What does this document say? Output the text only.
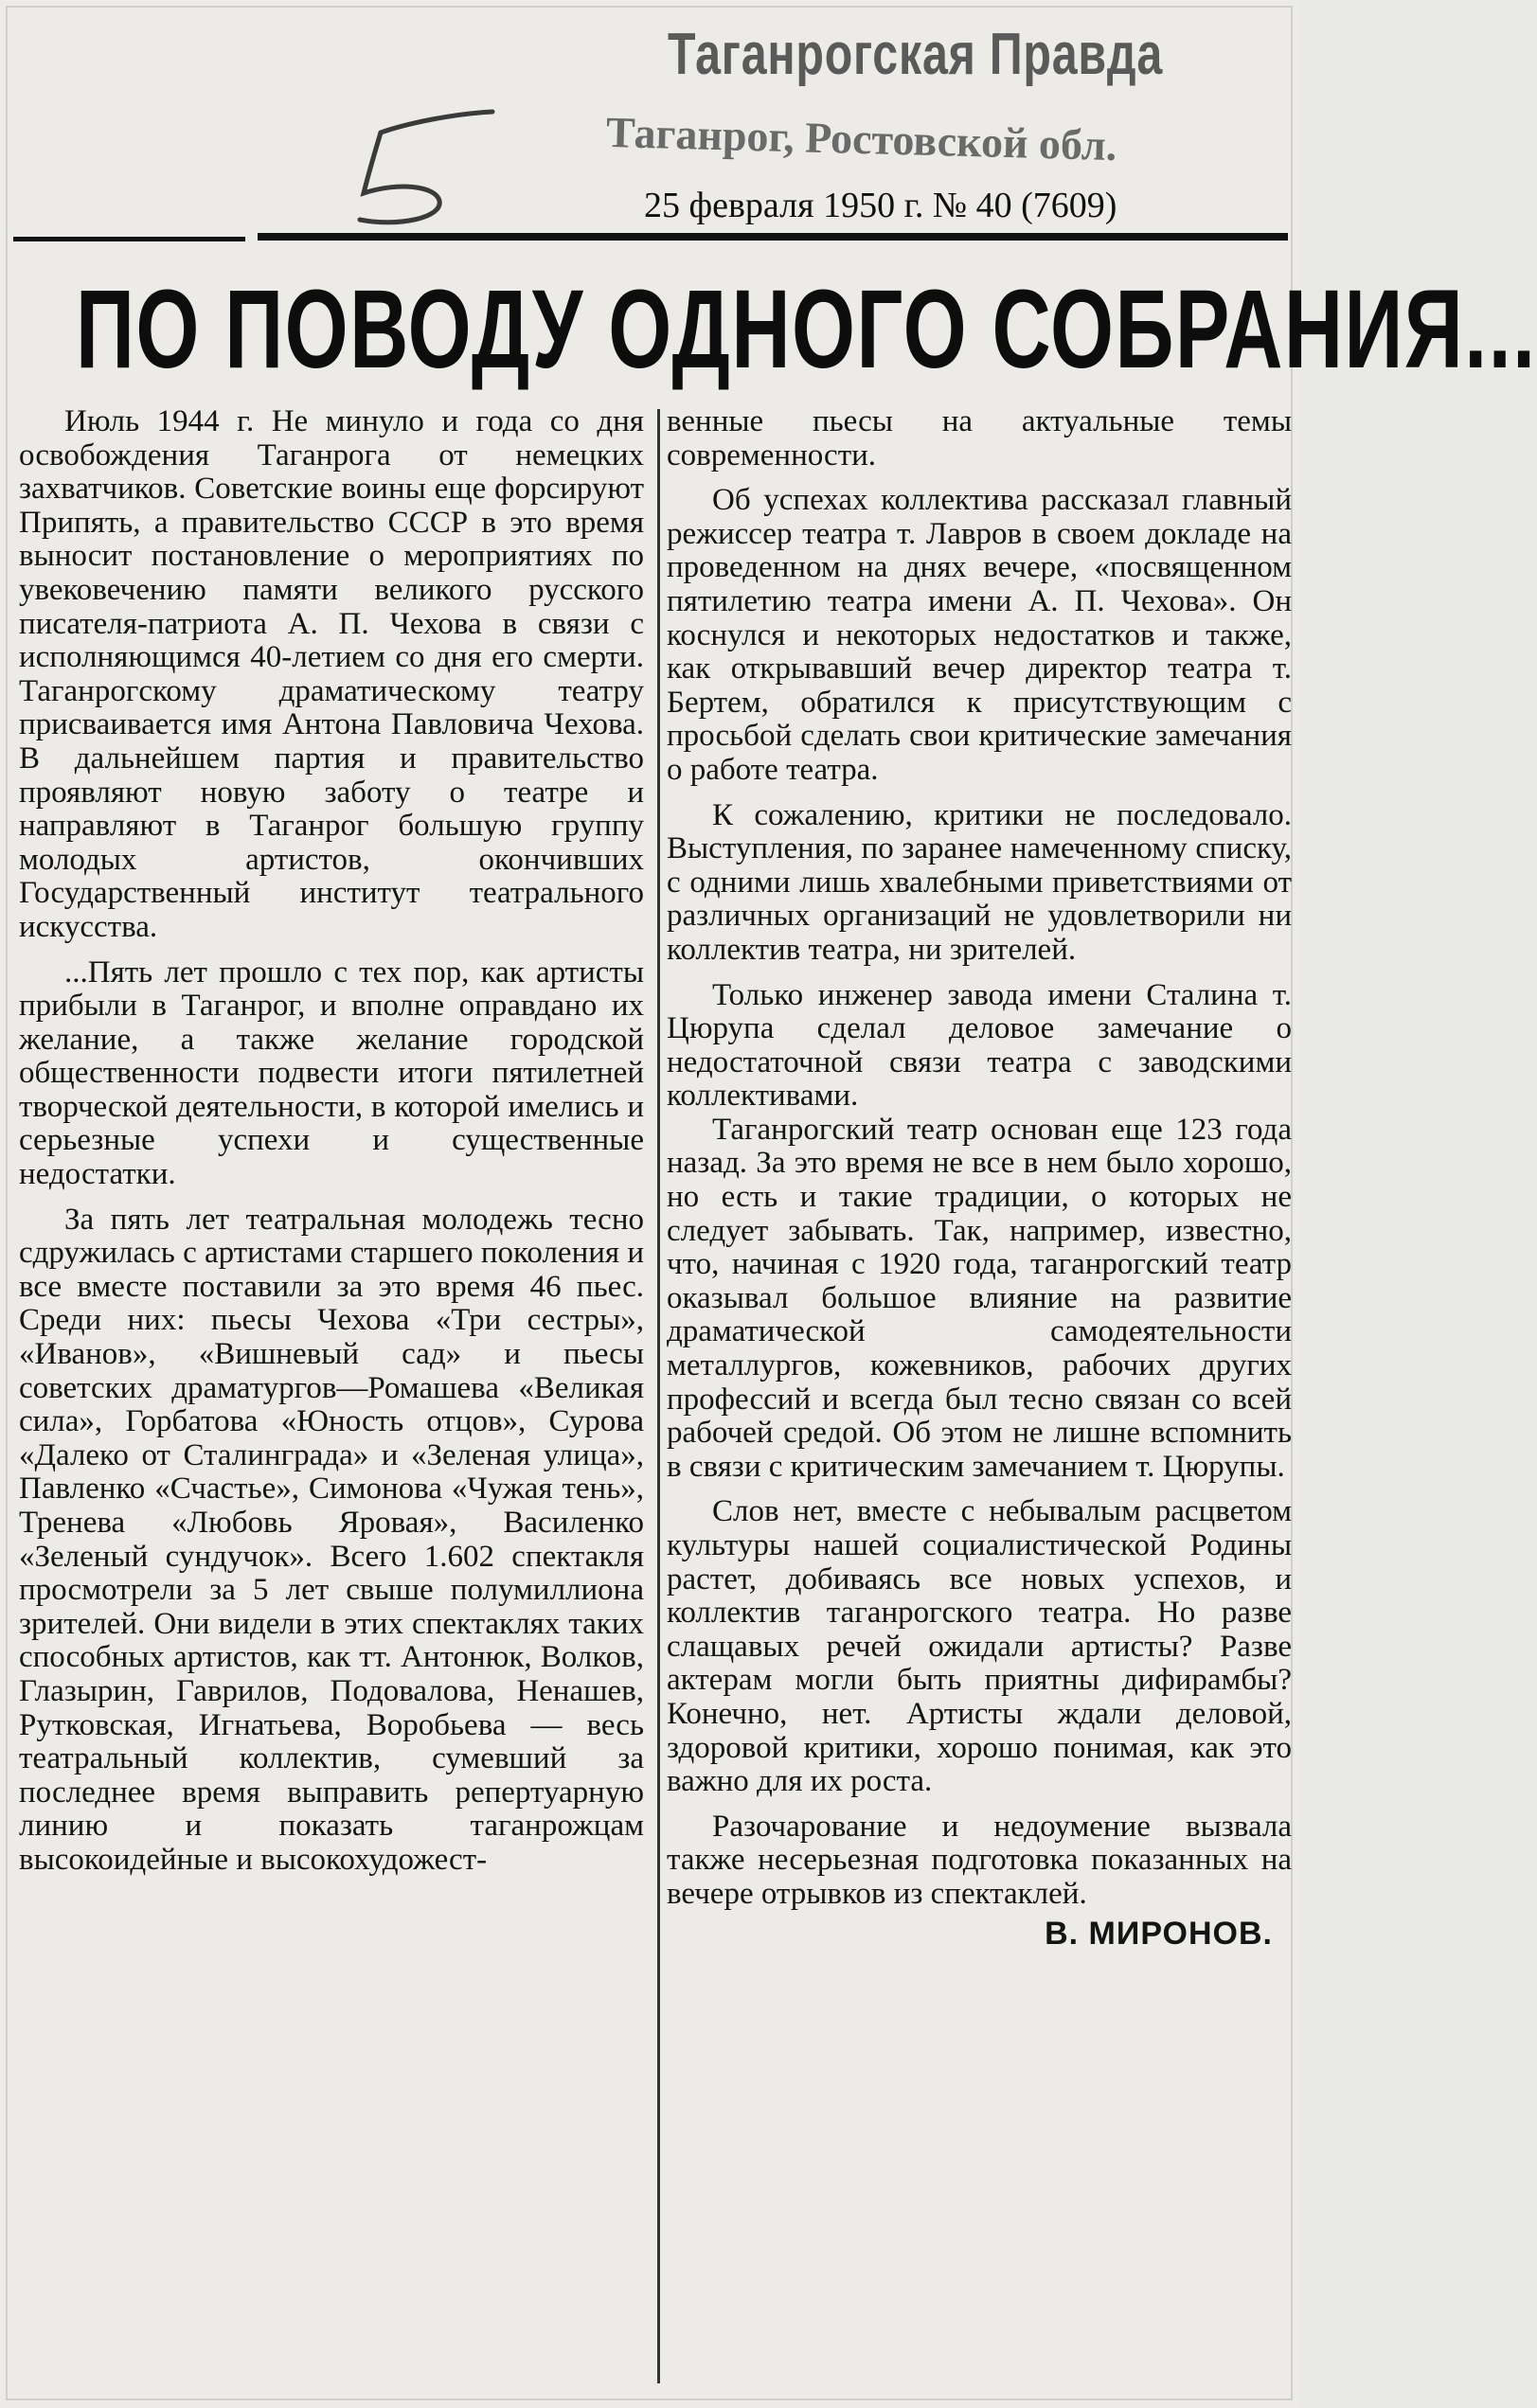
Таганрогская Правда
Таганрог, Ростовской обл.
25 февраля 1950 г. № 40 (7609)
ПО ПОВОДУ ОДНОГО СОБРАНИЯ...

Июль 1944 г. Не минуло и года со дня освобождения Таганрога от немецких захватчиков. Советские воины еще форсируют Припять, а правительство СССР в это время выносит постановление о мероприятиях по увековечению памяти великого русского писателя-патриота А. П. Чехова в связи с исполняющимся 40-летием со дня его смерти. Таганрогскому драматическому театру присваивается имя Антона Павловича Чехова. В дальнейшем партия и правительство проявляют новую заботу о театре и направляют в Таганрог большую группу молодых артистов, окончивших Государственный институт театрального искусства.

...Пять лет прошло с тех пор, как артисты прибыли в Таганрог, и вполне оправдано их желание, а также желание городской общественности подвести итоги пятилетней творческой деятельности, в которой имелись и серьезные успехи и существенные недостатки.

За пять лет театральная молодежь тесно сдружилась с артистами старшего поколения и все вместе поставили за это время 46 пьес. Среди них: пьесы Чехова «Три сестры», «Иванов», «Вишневый сад» и пьесы советских драматургов—Ромашева «Великая сила», Горбатова «Юность отцов», Сурова «Далеко от Сталинграда» и «Зеленая улица», Павленко «Счастье», Симонова «Чужая тень», Тренева «Любовь Яровая», Василенко «Зеленый сундучок». Всего 1.602 спектакля просмотрели за 5 лет свыше полумиллиона зрителей. Они видели в этих спектаклях таких способных артистов, как тт. Антонюк, Волков, Глазырин, Гаврилов, Подовалова, Ненашев, Рутковская, Игнатьева, Воробьева — весь театральный коллектив, сумевший за последнее время выправить репертуарную линию и показать таганрожцам высокоидейные и высокохудожест-

венные пьесы на актуальные темы современности.

Об успехах коллектива рассказал главный режиссер театра т. Лавров в своем докладе на проведенном на днях вечере, «посвященном пятилетию театра имени А. П. Чехова». Он коснулся и некоторых недостатков и также, как открывавший вечер директор театра т. Бертем, обратился к присутствующим с просьбой сделать свои критические замечания о работе театра.

К сожалению, критики не последовало. Выступления, по заранее намеченному списку, с одними лишь хвалебными приветствиями от различных организаций не удовлетворили ни коллектив театра, ни зрителей.

Только инженер завода имени Сталина т. Цюрупа сделал деловое замечание о недостаточной связи театра с заводскими коллективами.

Таганрогский театр основан еще 123 года назад. За это время не все в нем было хорошо, но есть и такие традиции, о которых не следует забывать. Так, например, известно, что, начиная с 1920 года, таганрогский театр оказывал большое влияние на развитие драматической самодеятельности металлургов, кожевников, рабочих других профессий и всегда был тесно связан со всей рабочей средой. Об этом не лишне вспомнить в связи с критическим замечанием т. Цюрупы.

Слов нет, вместе с небывалым расцветом культуры нашей социалистической Родины растет, добиваясь все новых успехов, и коллектив таганрогского театра. Но разве слащавых речей ожидали артисты? Разве актерам могли быть приятны дифирамбы? Конечно, нет. Артисты ждали деловой, здоровой критики, хорошо понимая, как это важно для их роста.

Разочарование и недоумение вызвала также несерьезная подготовка показанных на вечере отрывков из спектаклей.

В. МИРОНОВ.
